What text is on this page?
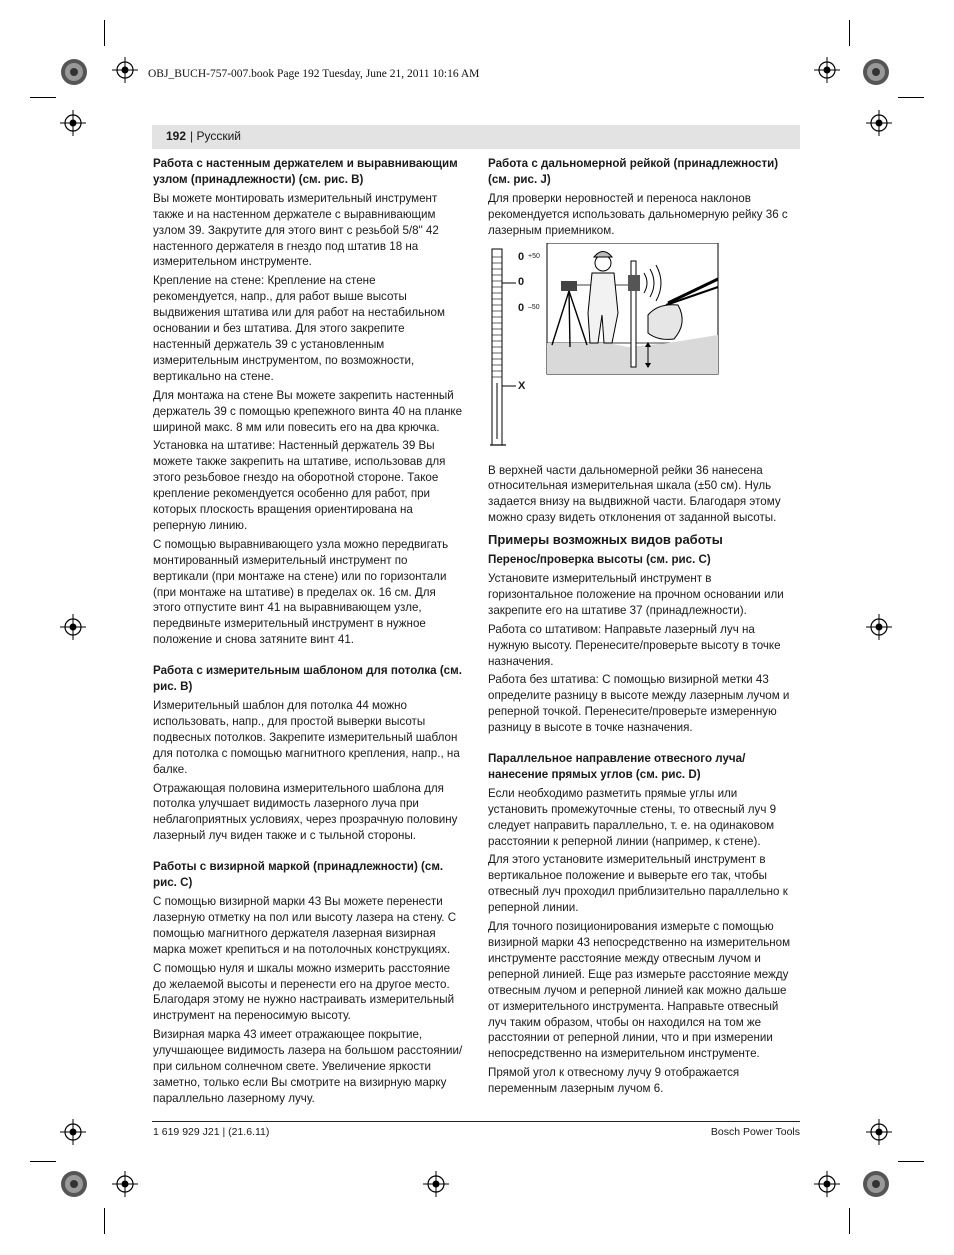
OBJ_BUCH-757-007.book Page 192 Tuesday, June 21, 2011 10:16 AM
192 | Русский
Работа с настенным держателем и выравнивающим узлом (принадлежности) (см. рис. B)

Вы можете монтировать измерительный инструмент также и на настенном держателе с выравнивающим узлом 39. Закрутите для этого винт с резьбой 5/8" 42 настенного держателя в гнездо под штатив 18 на измерительном инструменте.

Крепление на стене: Крепление на стене рекомендуется, напр., для работ выше высоты выдвижения штатива или для работ на нестабильном основании и без штатива. Для этого закрепите настенный держатель 39 с установленным измерительным инструментом, по возможности, вертикально на стене.

Для монтажа на стене Вы можете закрепить настенный держатель 39 с помощью крепежного винта 40 на планке шириной макс. 8 мм или повесить его на два крючка.

Установка на штативе: Настенный держатель 39 Вы можете также закрепить на штативе, использовав для этого резьбовое гнездо на оборотной стороне. Такое крепление рекомендуется особенно для работ, при которых плоскость вращения ориентирована на реперную линию.

С помощью выравнивающего узла можно передвигать монтированный измерительный инструмент по вертикали (при монтаже на стене) или по горизонтали (при монтаже на штативе) в пределах ок. 16 см. Для этого отпустите винт 41 на выравнивающем узле, передвиньте измерительный инструмент в нужное положение и снова затяните винт 41.

Работа с измерительным шаблоном для потолка (см. рис. B)

Измерительный шаблон для потолка 44 можно использовать, напр., для простой выверки высоты подвесных потолков. Закрепите измерительный шаблон для потолка с помощью магнитного крепления, напр., на балке.

Отражающая половина измерительного шаблона для потолка улучшает видимость лазерного луча при неблагоприятных условиях, через прозрачную половину лазерный луч виден также и с тыльной стороны.

Работы с визирной маркой (принадлежности) (см. рис. C)

С помощью визирной марки 43 Вы можете перенести лазерную отметку на пол или высоту лазера на стену. С помощью магнитного держателя лазерная визирная марка может крепиться и на потолочных конструкциях.

С помощью нуля и шкалы можно измерить расстояние до желаемой высоты и перенести его на другое место. Благодаря этому не нужно настраивать измерительный инструмент на переносимую высоту.

Визирная марка 43 имеет отражающее покрытие, улучшающее видимость лазера на большом расстоянии/при сильном солнечном свете. Увеличение яркости заметно, только если Вы смотрите на визирную марку параллельно лазерному лучу.

Работа с дальномерной рейкой (принадлежности) (см. рис. J)

Для проверки неровностей и переноса наклонов рекомендуется использовать дальномерную рейку 36 с лазерным приемником.

0 +50
0
0 –50
X

В верхней части дальномерной рейки 36 нанесена относительная измерительная шкала (±50 см). Нуль задается внизу на выдвижной части. Благодаря этому можно сразу видеть отклонения от заданной высоты.

Примеры возможных видов работы
Перенос/проверка высоты (см. рис. C)

Установите измерительный инструмент в горизонтальное положение на прочном основании или закрепите его на штативе 37 (принадлежности).

Работа со штативом: Направьте лазерный луч на нужную высоту. Перенесите/проверьте высоту в точке назначения.

Работа без штатива: С помощью визирной метки 43 определите разницу в высоте между лазерным лучом и реперной точкой. Перенесите/проверьте измеренную разницу в высоте в точке назначения.

Параллельное направление отвесного луча/нанесение прямых углов (см. рис. D)

Если необходимо разметить прямые углы или установить промежуточные стены, то отвесный луч 9 следует направить параллельно, т. е. на одинаковом расстоянии к реперной линии (например, к стене).

Для этого установите измерительный инструмент в вертикальное положение и выверьте его так, чтобы отвесный луч проходил приблизительно параллельно к реперной линии.

Для точного позиционирования измерьте с помощью визирной марки 43 непосредственно на измерительном инструменте расстояние между отвесным лучом и реперной линией. Еще раз измерьте расстояние между отвесным лучом и реперной линией как можно дальше от измерительного инструмента. Направьте отвесный луч таким образом, чтобы он находился на том же расстоянии от реперной линии, что и при измерении непосредственно на измерительном инструменте.

Прямой угол к отвесному лучу 9 отображается переменным лазерным лучом 6.

1 619 929 J21 | (21.6.11)	Bosch Power Tools
